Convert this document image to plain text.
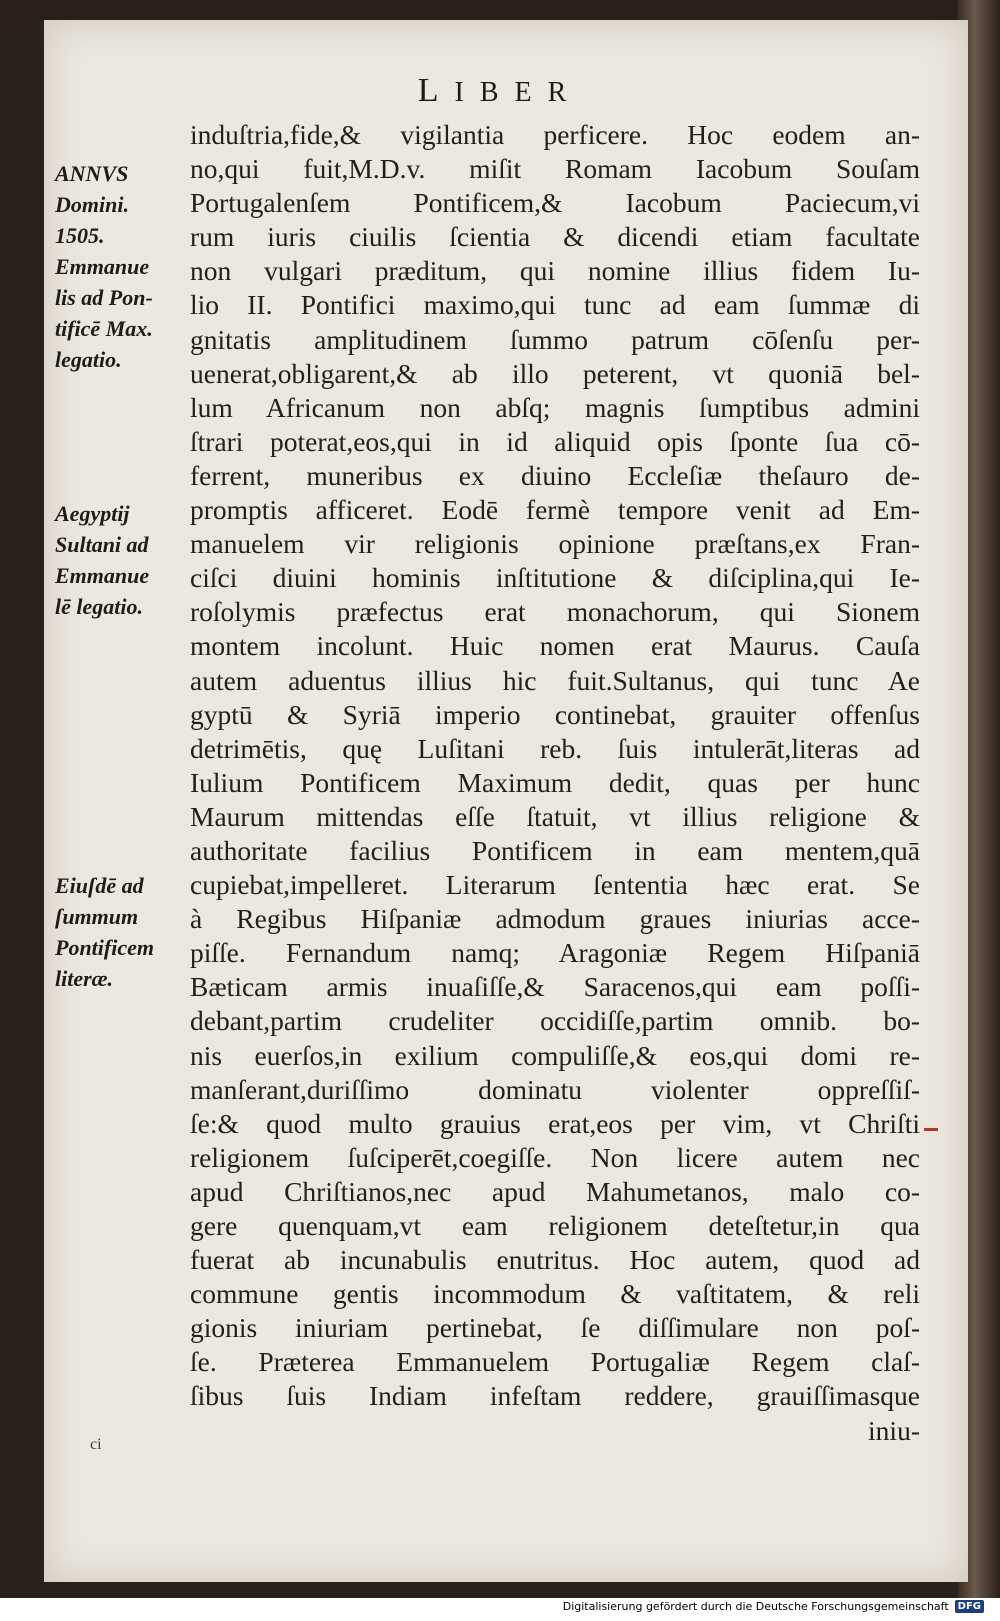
LIBER
ANNVS
Domini.
1505.
Emmanue
lis ad Pon-
tificē Max.
legatio.
Aegyptij
Sultani ad
Emmanue
lē legatio.
Eiuſdē ad
ſummum
Pontificem
literæ.
induſtria,fide,& vigilantia perficere. Hoc eodem an-
no,qui fuit,M.D.v. miſit Romam Iacobum Souſam
Portugalenſem Pontificem,& Iacobum Paciecum,vi
rum iuris ciuilis ſcientia & dicendi etiam facultate
non vulgari præditum, qui nomine illius fidem Iu-
lio II. Pontifici maximo,qui tunc ad eam ſummæ di
gnitatis amplitudinem ſummo patrum cōſenſu per-
uenerat,obligarent,& ab illo peterent, vt quoniā bel-
lum Africanum non abſq; magnis ſumptibus admini
ſtrari poterat,eos,qui in id aliquid opis ſponte ſua cō-
ferrent, muneribus ex diuino Eccleſiæ theſauro de-
promptis afficeret. Eodē fermè tempore venit ad Em-
manuelem vir religionis opinione præſtans,ex Fran-
ciſci diuini hominis inſtitutione & diſciplina,qui Ie-
roſolymis præfectus erat monachorum, qui Sionem
montem incolunt. Huic nomen erat Maurus. Cauſa
autem aduentus illius hic fuit.Sultanus, qui tunc Ae
gyptū & Syriā imperio continebat, grauiter offenſus
detrimētis, quę Luſitani reb. ſuis intulerāt,literas ad
Iulium Pontificem Maximum dedit, quas per hunc
Maurum mittendas eſſe ſtatuit, vt illius religione &
authoritate facilius Pontificem in eam mentem,quā
cupiebat,impelleret. Literarum ſententia hæc erat. Se
à Regibus Hiſpaniæ admodum graues iniurias acce-
piſſe. Fernandum namq; Aragoniæ Regem Hiſpaniā
Bæticam armis inuaſiſſe,& Saracenos,qui eam poſſi-
debant,partim crudeliter occidiſſe,partim omnib. bo-
nis euerſos,in exilium compuliſſe,& eos,qui domi re-
manſerant,duriſſimo dominatu violenter oppreſſiſ-
ſe:& quod multo grauius erat,eos per vim, vt Chriſti
religionem ſuſciperēt,coegiſſe. Non licere autem nec
apud Chriſtianos,nec apud Mahumetanos, malo co-
gere quenquam,vt eam religionem deteſtetur,in qua
fuerat ab incunabulis enutritus. Hoc autem, quod ad
commune gentis incommodum & vaſtitatem, & reli
gionis iniuriam pertinebat, ſe diſſimulare non poſ-
ſe. Præterea Emmanuelem Portugaliæ Regem claſ-
ſibus ſuis Indiam infeſtam reddere, grauiſſimasque
iniu-
ci
Digitalisierung gefördert durch die Deutsche Forschungsgemeinschaft DFG
